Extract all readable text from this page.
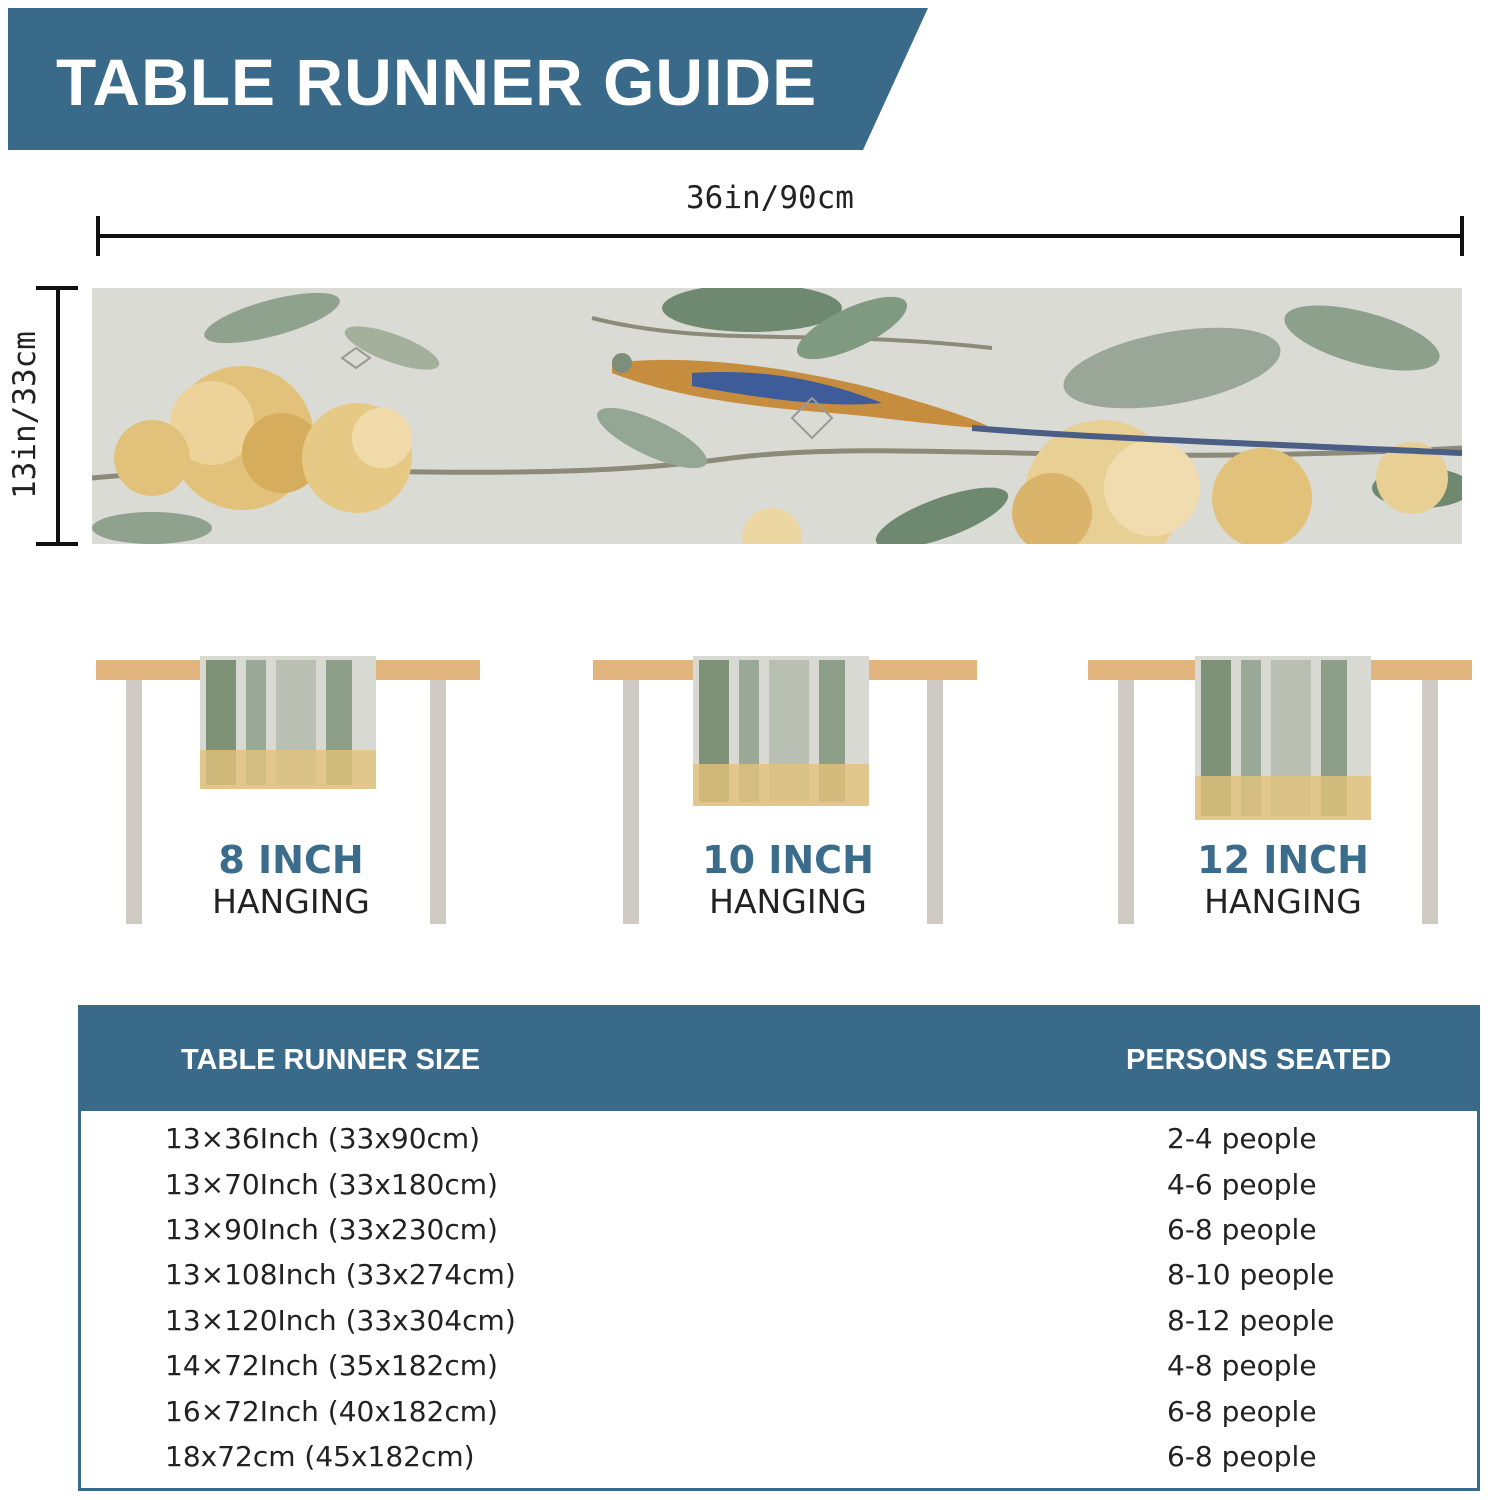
TABLE RUNNER GUIDE
36in/90cm
13in/33cm
8 INCH
HANGING
10 INCH
HANGING
12 INCH
HANGING
TABLE RUNNER SIZE	PERSONS SEATED
13×36Inch (33x90cm)	2-4 people
13×70Inch (33x180cm)	4-6 people
13×90Inch (33x230cm)	6-8 people
13×108Inch (33x274cm)	8-10 people
13×120Inch (33x304cm)	8-12 people
14×72Inch (35x182cm)	4-8 people
16×72Inch (40x182cm)	6-8 people
18x72cm (45x182cm)	6-8 people
